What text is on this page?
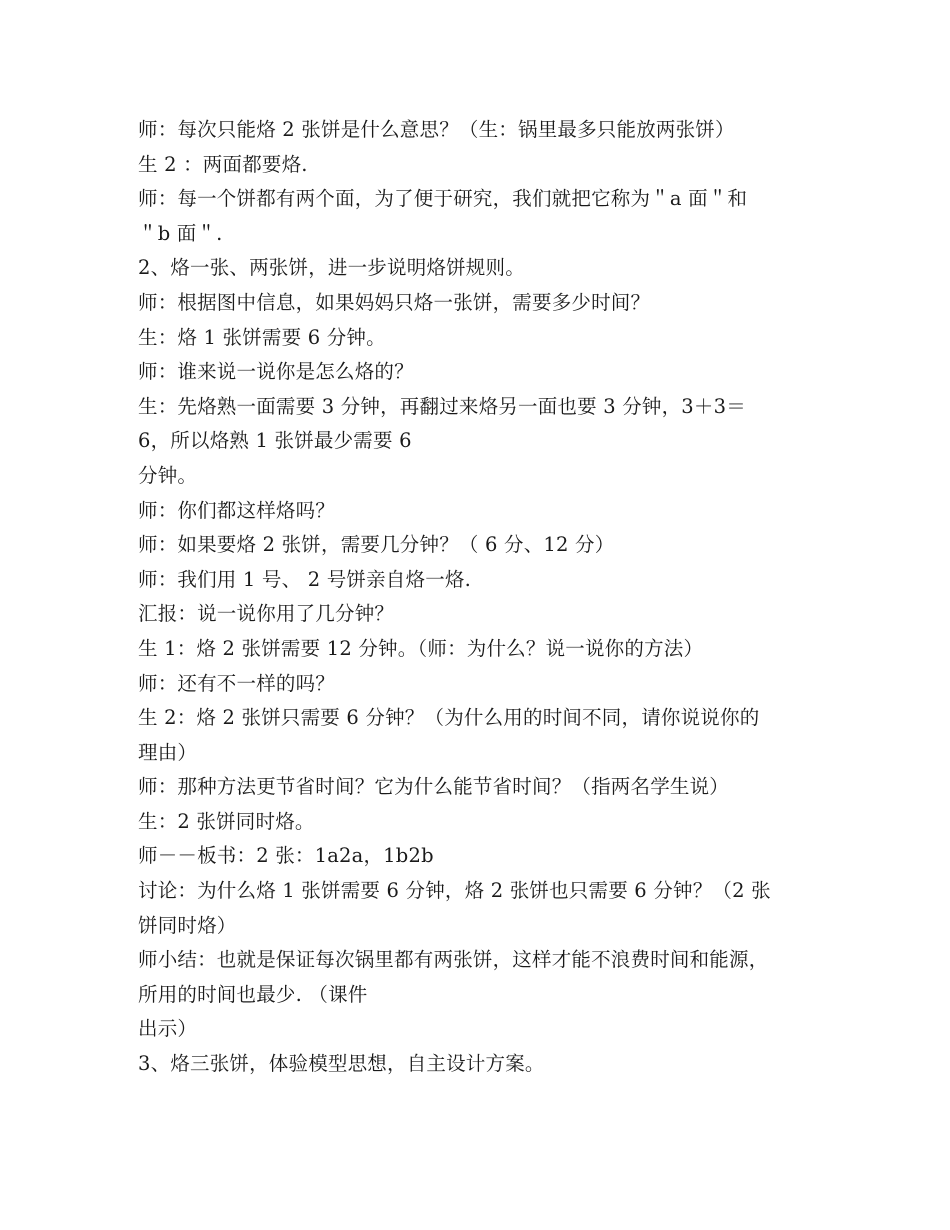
师：每次只能烙 2 张饼是什么意思？（生：锅里最多只能放两张饼）
生 2 ：两面都要烙.
师：每一个饼都有两个面，为了便于研究，我们就把它称为＂a 面＂和
＂b 面＂.
2、烙一张、两张饼，进一步说明烙饼规则。
师：根据图中信息，如果妈妈只烙一张饼，需要多少时间？
生：烙 1 张饼需要 6 分钟。
师：谁来说一说你是怎么烙的？
生：先烙熟一面需要 3 分钟，再翻过来烙另一面也要 3 分钟，3＋3＝
6，所以烙熟 1 张饼最少需要 6
分钟。
师：你们都这样烙吗？
师：如果要烙 2 张饼，需要几分钟？（ 6 分、12 分）
师：我们用 1 号、 2 号饼亲自烙一烙.
汇报：说一说你用了几分钟？
生 1：烙 2 张饼需要 12 分钟。（师：为什么？说一说你的方法）
师：还有不一样的吗？
生 2：烙 2 张饼只需要 6 分钟？（为什么用的时间不同，请你说说你的
理由）
师：那种方法更节省时间？它为什么能节省时间？（指两名学生说）
生：2 张饼同时烙。
师－－板书：2 张：1a2a，1b2b
讨论：为什么烙 1 张饼需要 6 分钟，烙 2 张饼也只需要 6 分钟？（2 张
饼同时烙）
师小结：也就是保证每次锅里都有两张饼，这样才能不浪费时间和能源，
所用的时间也最少. （课件
出示）
3、烙三张饼，体验模型思想，自主设计方案。
